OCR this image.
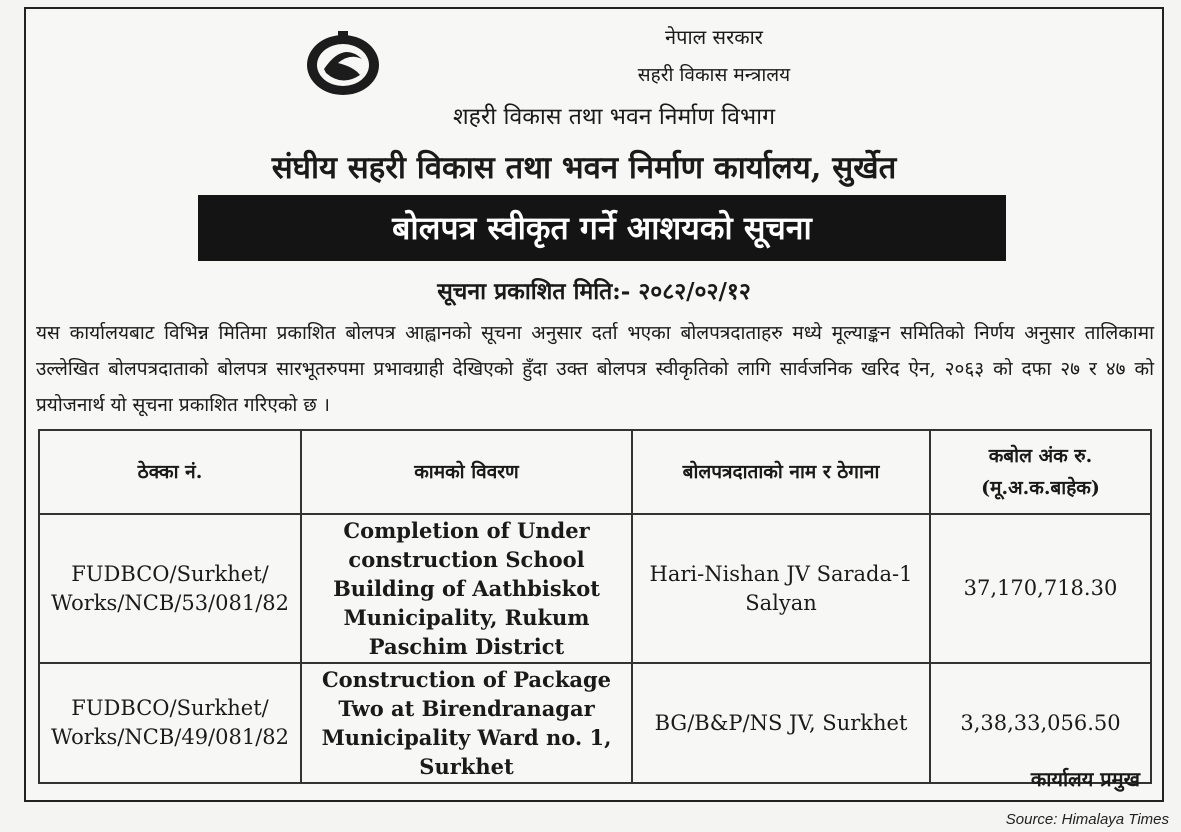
नेपाल सरकार
सहरी विकास मन्त्रालय
शहरी विकास तथा भवन निर्माण विभाग
संघीय सहरी विकास तथा भवन निर्माण कार्यालय, सुर्खेत
बोलपत्र स्वीकृत गर्ने आशयको सूचना
सूचना प्रकाशित मिति:- २०८२/०२/१२
यस कार्यालयबाट विभिन्न मितिमा प्रकाशित बोलपत्र आह्वानको सूचना अनुसार दर्ता भएका बोलपत्रदाताहरु मध्ये मूल्याङ्कन समितिको निर्णय अनुसार तालिकामा उल्लेखित बोलपत्रदाताको बोलपत्र सारभूतरुपमा प्रभावग्राही देखिएको हुँदा उक्त बोलपत्र स्वीकृतिको लागि सार्वजनिक खरिद ऐन, २०६३ को दफा २७ र ४७ को प्रयोजनार्थ यो सूचना प्रकाशित गरिएको छ ।
ठेक्का नं.	कामको विवरण	बोलपत्रदाताको नाम र ठेगाना	कबोल अंक रु. (मू.अ.क.बाहेक)
FUDBCO/Surkhet/ Works/NCB/53/081/82	Completion of Under construction School Building of Aathbiskot Municipality, Rukum Paschim District	Hari-Nishan JV Sarada-1 Salyan	37,170,718.30
FUDBCO/Surkhet/ Works/NCB/49/081/82	Construction of Package Two at Birendranagar Municipality Ward no. 1, Surkhet	BG/B&P/NS JV, Surkhet	3,38,33,056.50
कार्यालय प्रमुख
Source: Himalaya Times
